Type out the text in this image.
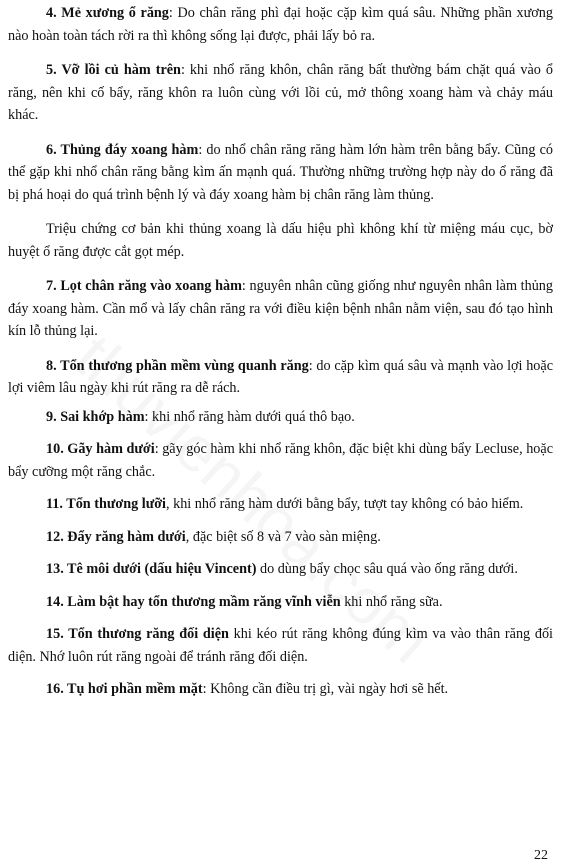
4. Mẻ xương ổ răng: Do chân răng phì đại hoặc cặp kìm quá sâu. Những phần xương nào hoàn toàn tách rời ra thì không sống lại được, phải lấy bỏ ra.

5. Vỡ lồi củ hàm trên: khi nhổ răng khôn, chân răng bất thường bám chặt quá vào ổ răng, nên khi cố bẩy, răng khôn ra luôn cùng với lồi củ, mở thông xoang hàm và chảy máu khác.

6. Thủng đáy xoang hàm: do nhổ chân răng răng hàm lớn hàm trên bằng bẩy. Cũng có thể gặp khi nhổ chân răng bằng kìm ấn mạnh quá. Thường những trường hợp này do ổ răng đã bị phá hoại do quá trình bệnh lý và đáy xoang hàm bị chân răng làm thủng.

Triệu chứng cơ bản khi thủng xoang là dấu hiệu phì không khí từ miệng máu cục, bờ huyệt ổ răng được cắt gọt mép.

7. Lọt chân răng vào xoang hàm: nguyên nhân cũng giống như nguyên nhân làm thủng đáy xoang hàm. Cần mổ và lấy chân răng ra với điều kiện bệnh nhân nằm viện, sau đó tạo hình kín lỗ thủng lại.

8. Tổn thương phần mềm vùng quanh răng: do cặp kìm quá sâu và mạnh vào lợi hoặc lợi viêm lâu ngày khi rút răng ra dễ rách.

9. Sai khớp hàm: khi nhổ răng hàm dưới quá thô bạo.

10. Gãy hàm dưới: gãy góc hàm khi nhổ răng khôn, đặc biệt khi dùng bẩy Lecluse, hoặc bẩy cưỡng một răng chắc.

11. Tổn thương lưỡi, khi nhổ răng hàm dưới bằng bẩy, tượt tay không có bảo hiểm.

12. Đẩy răng hàm dưới, đặc biệt số 8 và 7 vào sàn miệng.

13. Tê môi dưới (dấu hiệu Vincent) do dùng bẩy chọc sâu quá vào ống răng dưới.

14. Làm bật hay tổn thương mầm răng vĩnh viễn khi nhổ răng sữa.

15. Tổn thương răng đối diện khi kéo rút răng không đúng kìm va vào thân răng đối diện. Nhớ luôn rút răng ngoài để tránh răng đối diện.

16. Tụ hơi phần mềm mặt: Không cần điều trị gì, vài ngày hơi sẽ hết.

22
